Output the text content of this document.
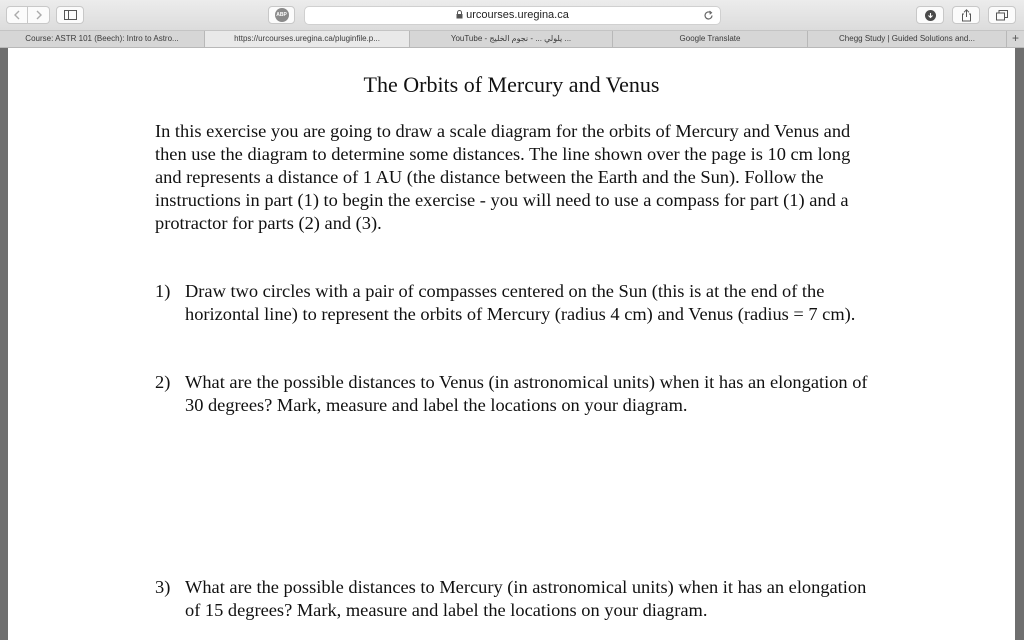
ABP	urcourses.uregina.ca
Course: ASTR 101 (Beech): Intro to Astro...	https://urcourses.uregina.ca/pluginfile.p...	YouTube - يلولي ... - نجوم الخليج ...	Google Translate	Chegg Study | Guided Solutions and...	+
The Orbits of Mercury and Venus
In this exercise you are going to draw a scale diagram for the orbits of Mercury and Venus and then use the diagram to determine some distances. The line shown over the page is 10 cm long and represents a distance of 1 AU (the distance between the Earth and the Sun). Follow the instructions in part (1) to begin the exercise - you will need to use a compass for part (1) and a protractor for parts (2) and (3).
1) Draw two circles with a pair of compasses centered on the Sun (this is at the end of the horizontal line) to represent the orbits of Mercury (radius 4 cm) and Venus (radius = 7 cm).
2) What are the possible distances to Venus (in astronomical units) when it has an elongation of 30 degrees? Mark, measure and label the locations on your diagram.
3) What are the possible distances to Mercury (in astronomical units) when it has an elongation of 15 degrees? Mark, measure and label the locations on your diagram.
